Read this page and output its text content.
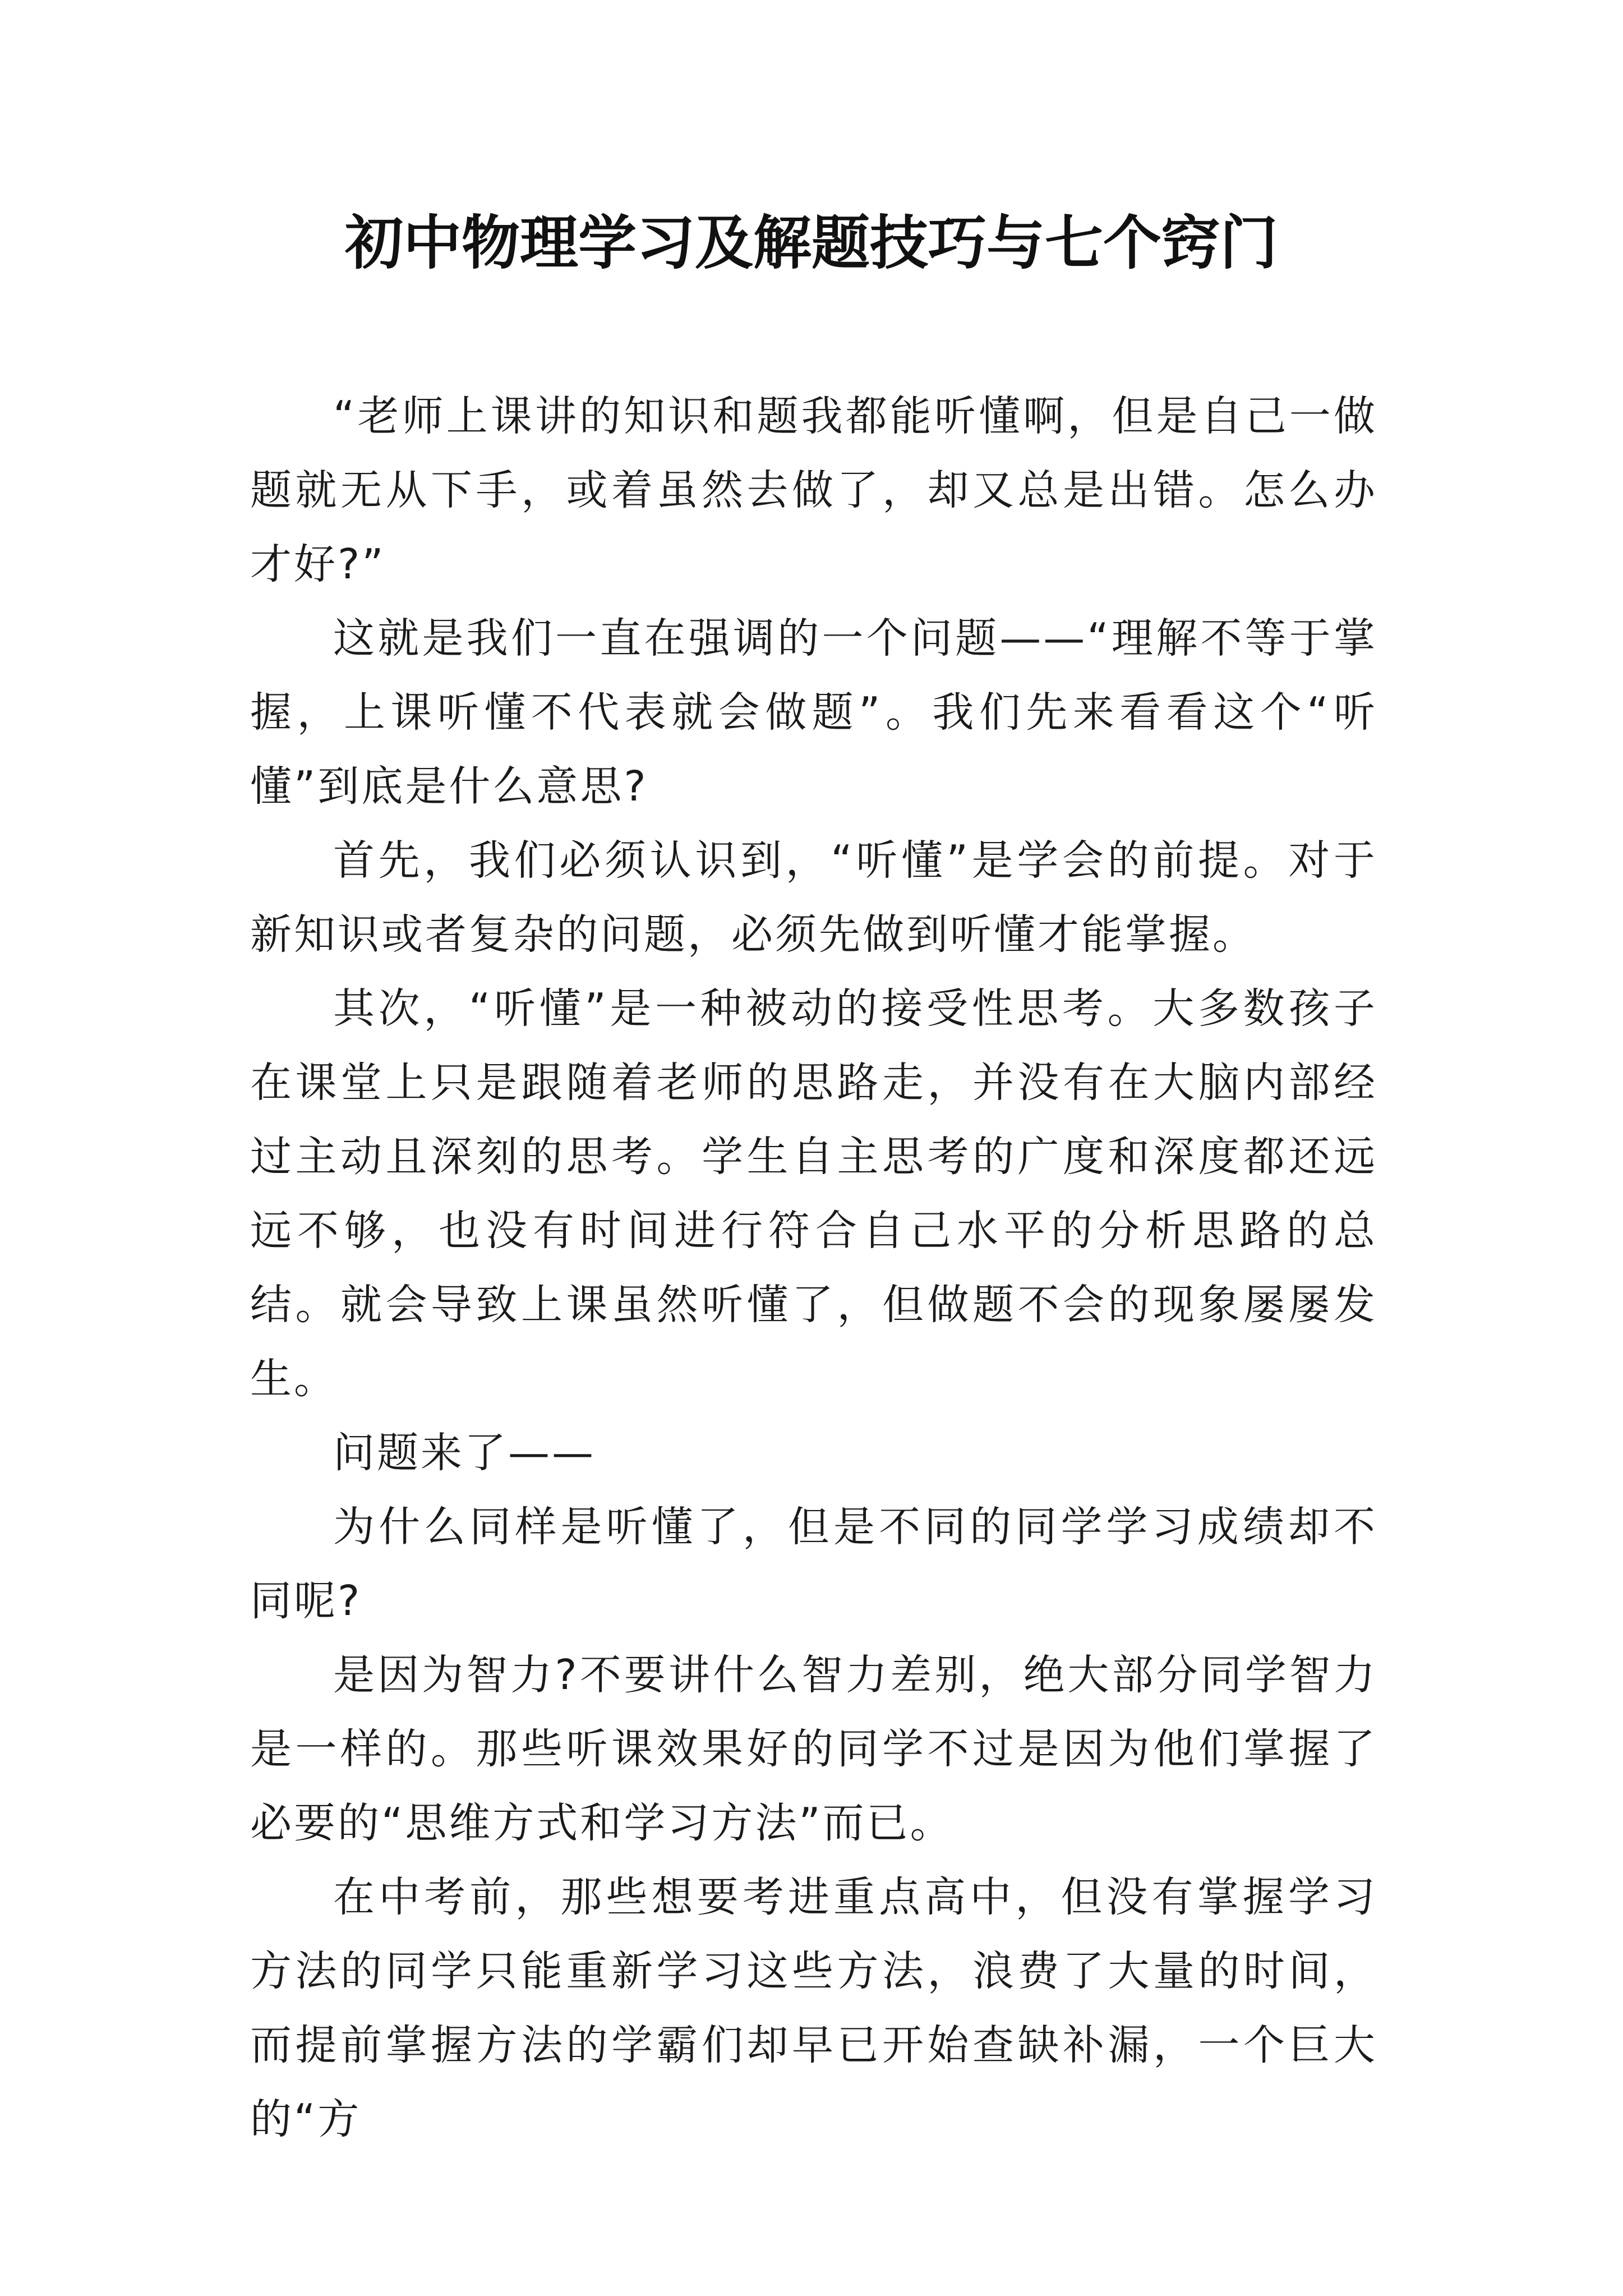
初中物理学习及解题技巧与七个窍门

“老师上课讲的知识和题我都能听懂啊，但是自己一做题就无从下手，或着虽然去做了，却又总是出错。怎么办才好?”

这就是我们一直在强调的一个问题——“理解不等于掌握，上课听懂不代表就会做题”。我们先来看看这个“听懂”到底是什么意思?

首先，我们必须认识到，“听懂”是学会的前提。对于新知识或者复杂的问题，必须先做到听懂才能掌握。

其次，“听懂”是一种被动的接受性思考。大多数孩子在课堂上只是跟随着老师的思路走，并没有在大脑内部经过主动且深刻的思考。学生自主思考的广度和深度都还远远不够，也没有时间进行符合自己水平的分析思路的总结。就会导致上课虽然听懂了，但做题不会的现象屡屡发生。

问题来了——

为什么同样是听懂了，但是不同的同学学习成绩却不同呢?

是因为智力?不要讲什么智力差别，绝大部分同学智力是一样的。那些听课效果好的同学不过是因为他们掌握了必要的“思维方式和学习方法”而已。

在中考前，那些想要考进重点高中，但没有掌握学习方法的同学只能重新学习这些方法，浪费了大量的时间，而提前掌握方法的学霸们却早已开始查缺补漏，一个巨大的“方
